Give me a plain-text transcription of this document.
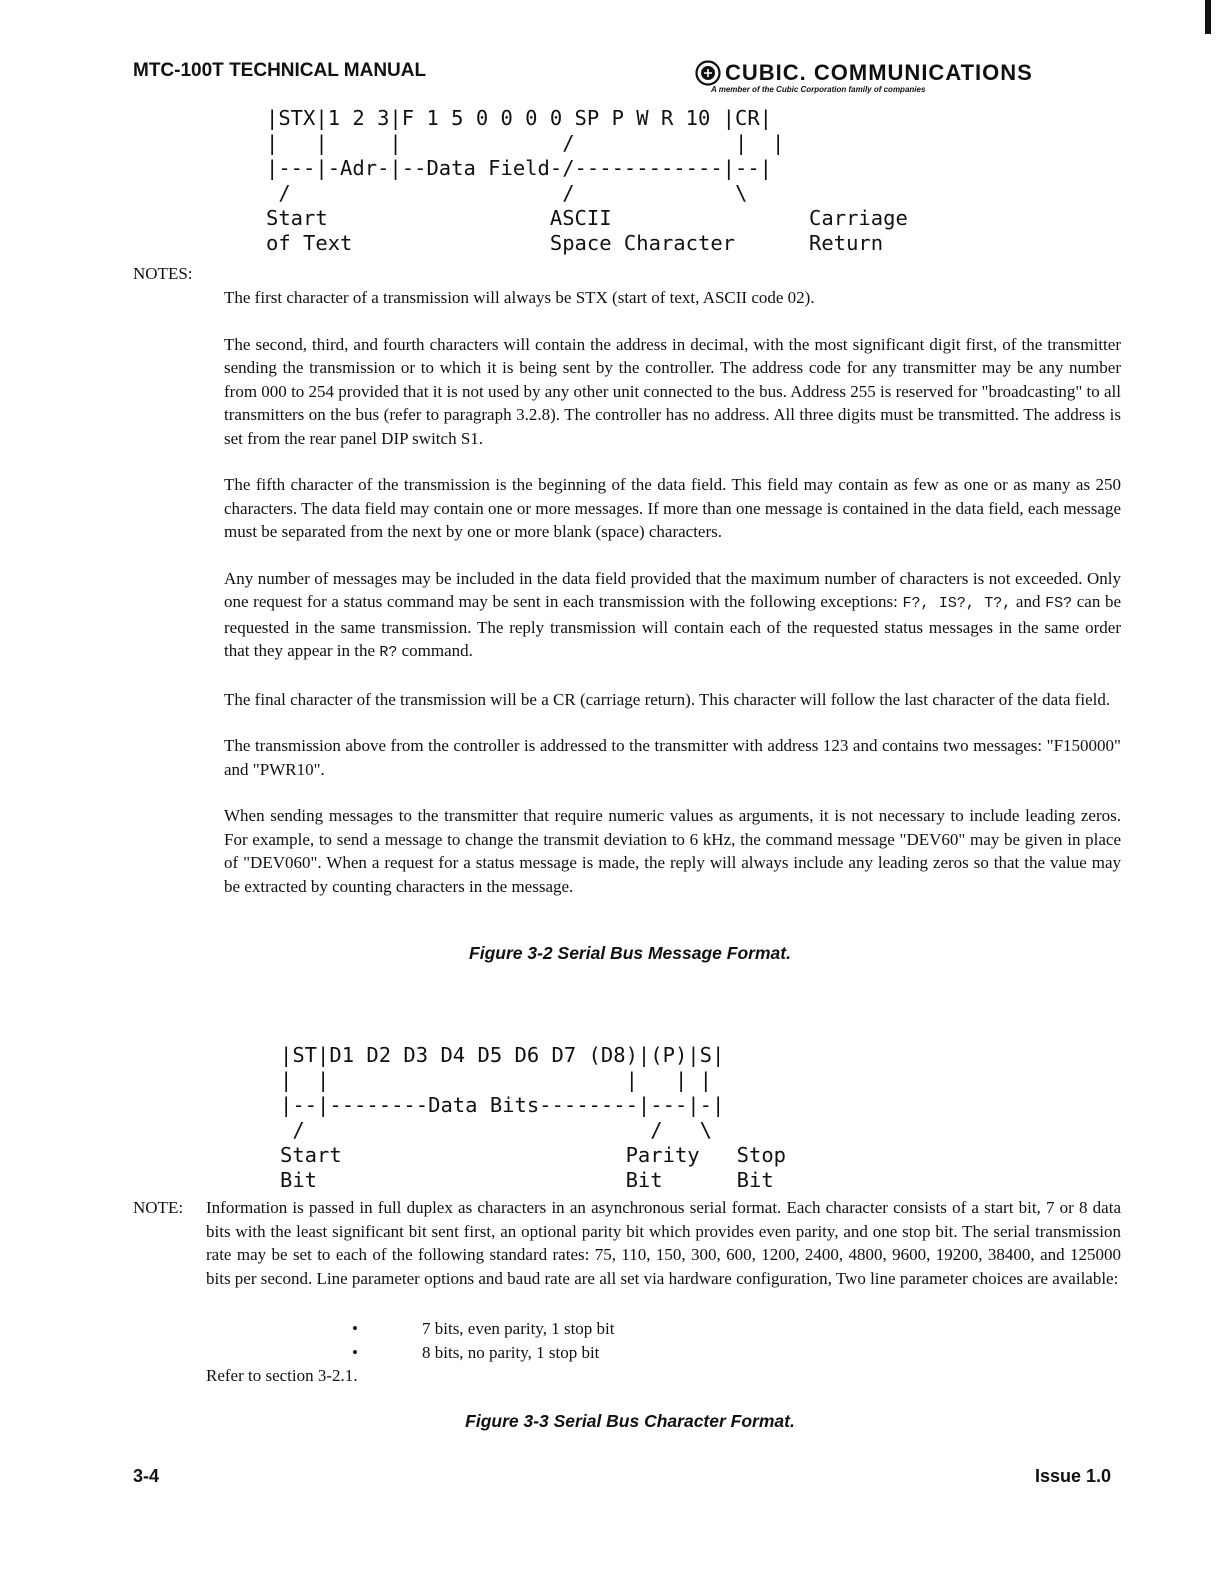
MTC-100T TECHNICAL MANUAL	CUBIC. COMMUNICATIONS
A member of the Cubic Corporation family of companies
|STX|1 2 3|F 1 5 0 0 0 0 SP P W R 10 |CR|
|   |     |             /             |  |
|---|-Adr-|--Data Field-/------------|--|
/                      /             \
Start                  ASCII                Carriage
of Text                Space Character      Return
NOTES:

The first character of a transmission will always be STX (start of text, ASCII code 02).

The second, third, and fourth characters will contain the address in decimal, with the most significant digit first, of the transmitter sending the transmission or to which it is being sent by the controller. The address code for any transmitter may be any number from 000 to 254 provided that it is not used by any other unit connected to the bus. Address 255 is reserved for "broadcasting" to all transmitters on the bus (refer to paragraph 3.2.8). The controller has no address. All three digits must be transmitted. The address is set from the rear panel DIP switch S1.

The fifth character of the transmission is the beginning of the data field. This field may contain as few as one or as many as 250 characters. The data field may contain one or more messages. If more than one message is contained in the data field, each message must be separated from the next by one or more blank (space) characters.

Any number of messages may be included in the data field provided that the maximum number of characters is not exceeded. Only one request for a status command may be sent in each transmission with the following exceptions: F?, IS?, T?, and FS? can be requested in the same transmission. The reply transmission will contain each of the requested status messages in the same order that they appear in the R? command.

The final character of the transmission will be a CR (carriage return). This character will follow the last character of the data field.

The transmission above from the controller is addressed to the transmitter with address 123 and contains two messages: "F150000" and "PWR10".

When sending messages to the transmitter that require numeric values as arguments, it is not necessary to include leading zeros. For example, to send a message to change the transmit deviation to 6 kHz, the command message "DEV60" may be given in place of "DEV060". When a request for a status message is made, the reply will always include any leading zeros so that the value may be extracted by counting characters in the message.

Figure 3-2 Serial Bus Message Format.
|ST|D1 D2 D3 D4 D5 D6 D7 (D8)|(P)|S|
|  |                        |   | |
|--|--------Data Bits--------|---|-|
/                            /   \
Start                       Parity   Stop
Bit                         Bit      Bit
NOTE: Information is passed in full duplex as characters in an asynchronous serial format. Each character consists of a start bit, 7 or 8 data bits with the least significant bit sent first, an optional parity bit which provides even parity, and one stop bit. The serial transmission rate may be set to each of the following standard rates: 75, 110, 150, 300, 600, 1200, 2400, 4800, 9600, 19200, 38400, and 125000 bits per second. Line parameter options and baud rate are all set via hardware configuration, Two line parameter choices are available:
•	7 bits, even parity, 1 stop bit
•	8 bits, no parity, 1 stop bit
Refer to section 3-2.1.
Figure 3-3 Serial Bus Character Format.
3-4	Issue 1.0
